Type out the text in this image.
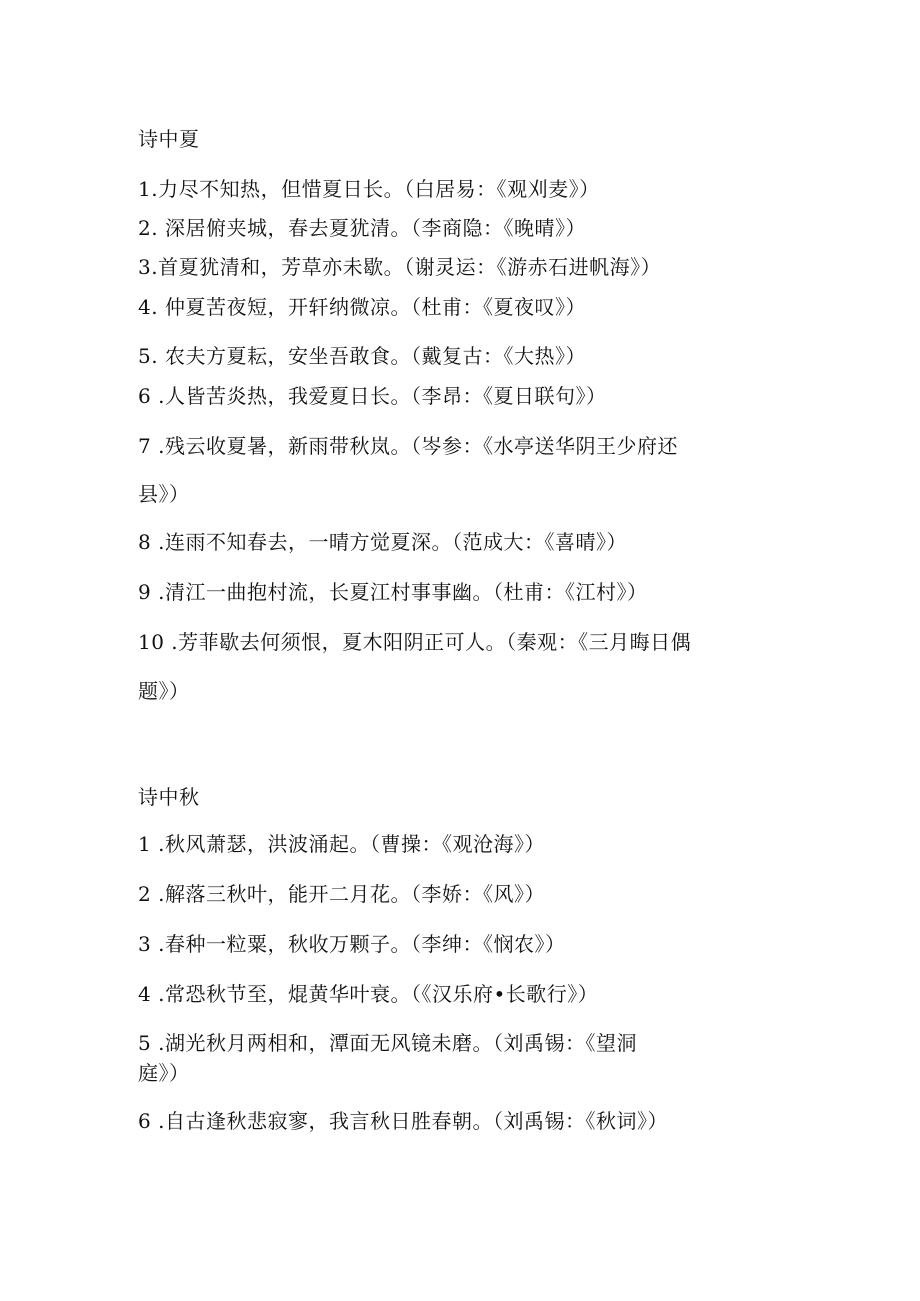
诗中夏
1.力尽不知热，但惜夏日长。（白居易：《观刈麦》）
2. 深居俯夹城，春去夏犹清。（李商隐：《晚晴》）
3.首夏犹清和，芳草亦未歇。（谢灵运：《游赤石进帆海》）
4. 仲夏苦夜短，开轩纳微凉。（杜甫：《夏夜叹》）
5. 农夫方夏耘，安坐吾敢食。（戴复古：《大热》）
6 .人皆苦炎热，我爱夏日长。（李昂：《夏日联句》）
7 .残云收夏暑，新雨带秋岚。（岑参：《水亭送华阴王少府还
县》）
8 .连雨不知春去，一晴方觉夏深。（范成大：《喜晴》）
9 .清江一曲抱村流，长夏江村事事幽。（杜甫：《江村》）
10 .芳菲歇去何须恨，夏木阳阴正可人。（秦观：《三月晦日偶
题》）
诗中秋
1 .秋风萧瑟，洪波涌起。（曹操：《观沧海》）
2 .解落三秋叶，能开二月花。（李娇：《风》）
3 .春种一粒粟，秋收万颗子。（李绅：《悯农》）
4 .常恐秋节至，焜黄华叶衰。（《汉乐府•长歌行》）
5 .湖光秋月两相和，潭面无风镜未磨。（刘禹锡：《望洞
庭》）
6 .自古逢秋悲寂寥，我言秋日胜春朝。（刘禹锡：《秋词》）
